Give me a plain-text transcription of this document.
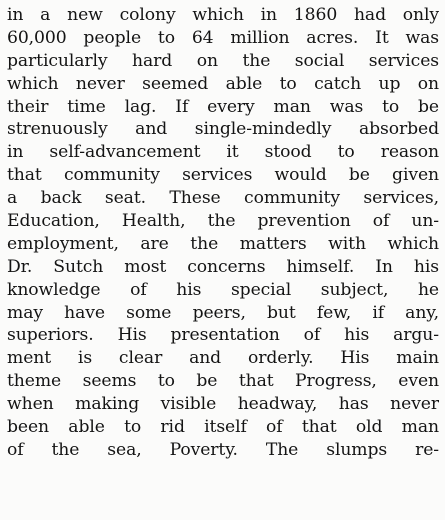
in a new colony which in 1860 had only
60,000 people to 64 million acres. It was
particularly hard on the social services
which never seemed able to catch up on
their time lag. If every man was to be
strenuously and single-mindedly absorbed
in self-advancement it stood to reason
that community services would be given
a back seat. These community services,
Education, Health, the prevention of un-
employment, are the matters with which
Dr. Sutch most concerns himself. In his
knowledge of his special subject, he
may have some peers, but few, if any,
superiors. His presentation of his argu-
ment is clear and orderly. His main
theme seems to be that Progress, even
when making visible headway, has never
been able to rid itself of that old man
of the sea, Poverty. The slumps re-
